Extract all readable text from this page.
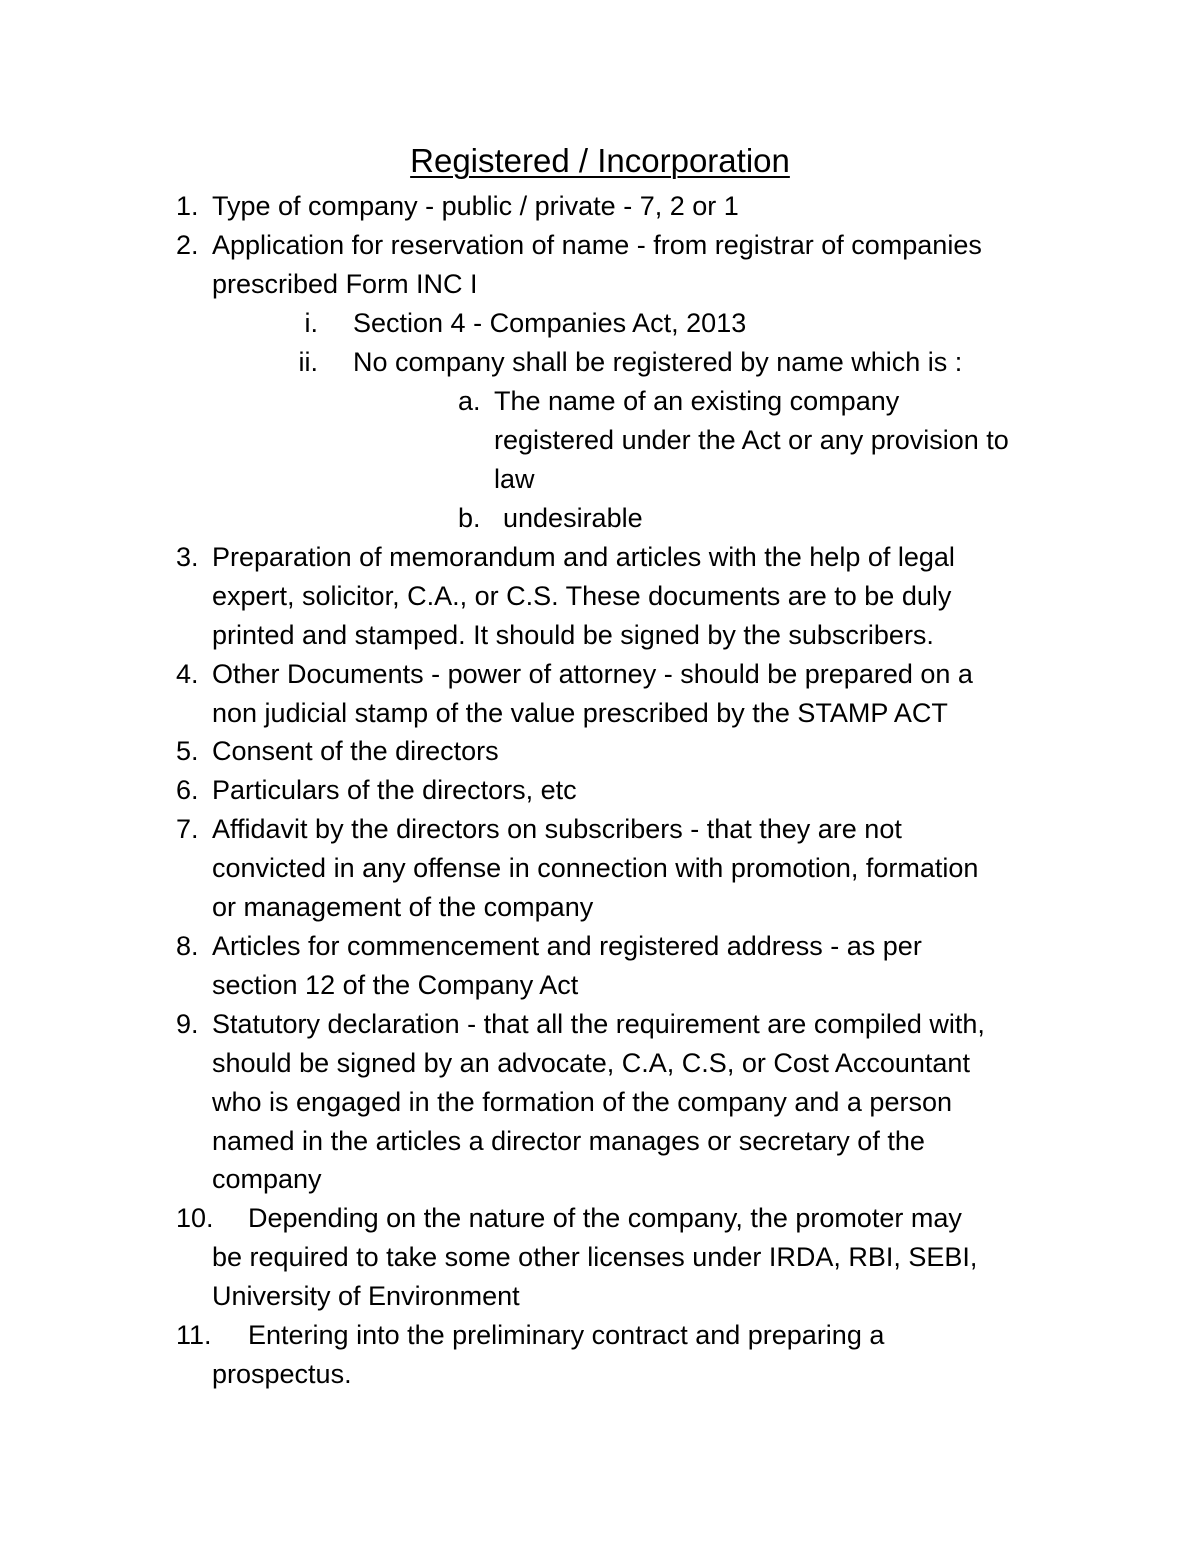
Registered / Incorporation
1. Type of company - public / private - 7, 2 or 1
2. Application for reservation of name - from registrar of companies
prescribed Form INC I
i. Section 4 - Companies Act, 2013
ii. No company shall be registered by name which is :
a. The name of an existing company
registered under the Act or any provision to
law
b. undesirable
3. Preparation of memorandum and articles with the help of legal
expert, solicitor, C.A., or C.S. These documents are to be duly
printed and stamped. It should be signed by the subscribers.
4. Other Documents - power of attorney - should be prepared on a
non judicial stamp of the value prescribed by the STAMP ACT
5. Consent of the directors
6. Particulars of the directors, etc
7. Affidavit by the directors on subscribers - that they are not
convicted in any offense in connection with promotion, formation
or management of the company
8. Articles for commencement and registered address - as per
section 12 of the Company Act
9. Statutory declaration - that all the requirement are compiled with,
should be signed by an advocate, C.A, C.S, or Cost Accountant
who is engaged in the formation of the company and a person
named in the articles a director manages or secretary of the
company
10. Depending on the nature of the company, the promoter may
be required to take some other licenses under IRDA, RBI, SEBI,
University of Environment
11. Entering into the preliminary contract and preparing a
prospectus.
